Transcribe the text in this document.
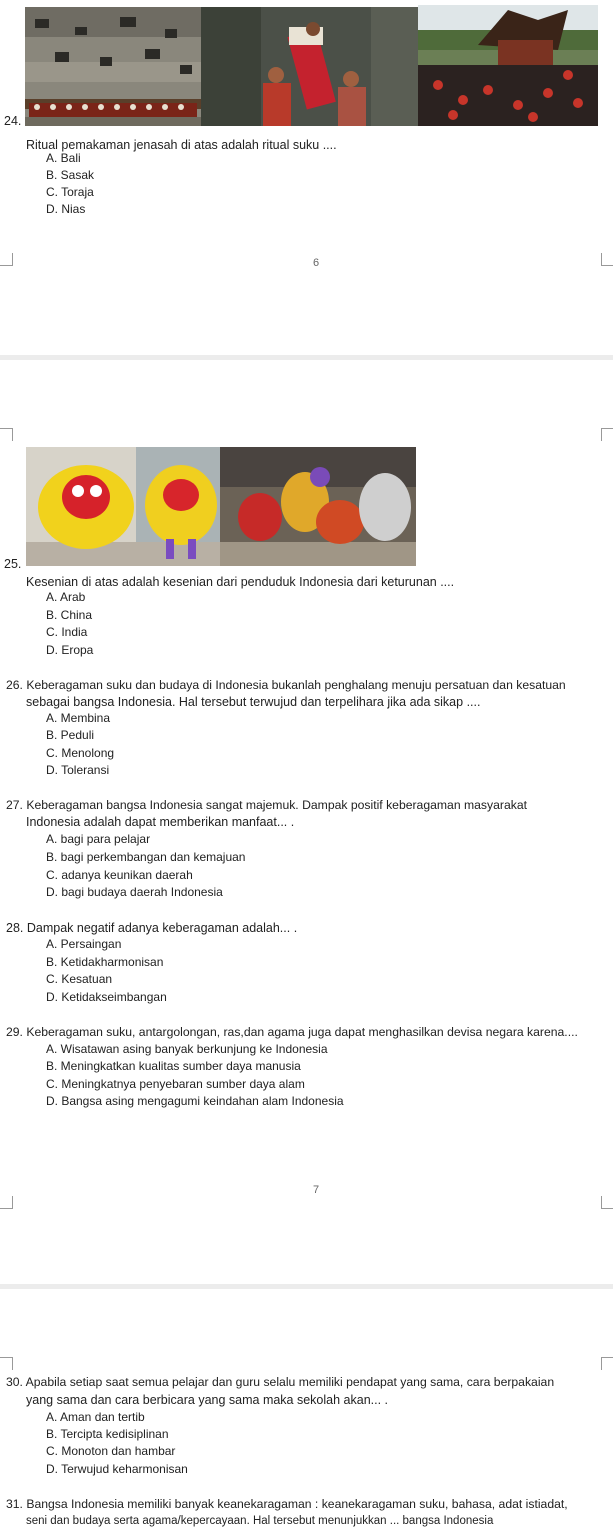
24.
Ritual pemakaman jenasah di atas adalah ritual suku ....
A. Bali
B. Sasak
C. Toraja
D. Nias
6
25.
Kesenian di atas adalah kesenian dari penduduk Indonesia dari keturunan ....
A. Arab
B. China
C. India
D. Eropa
26. Keberagaman suku dan budaya di Indonesia bukanlah penghalang menuju persatuan dan kesatuan
sebagai bangsa Indonesia. Hal tersebut terwujud dan terpelihara jika ada sikap ....
A. Membina
B. Peduli
C. Menolong
D. Toleransi
27. Keberagaman bangsa Indonesia sangat majemuk. Dampak positif keberagaman masyarakat
Indonesia adalah dapat memberikan manfaat... .
A. bagi para pelajar
B. bagi perkembangan dan kemajuan
C. adanya keunikan daerah
D. bagi budaya daerah Indonesia
28. Dampak negatif adanya keberagaman adalah... .
A. Persaingan
B. Ketidakharmonisan
C. Kesatuan
D. Ketidakseimbangan
29. Keberagaman suku, antargolongan, ras,dan agama juga dapat menghasilkan devisa negara karena....
A. Wisatawan asing banyak berkunjung ke Indonesia
B. Meningkatkan kualitas sumber daya manusia
C. Meningkatnya penyebaran sumber daya alam
D. Bangsa asing mengagumi keindahan alam Indonesia
7
30. Apabila setiap saat semua pelajar dan guru selalu memiliki pendapat yang sama, cara berpakaian
yang sama dan cara berbicara yang sama maka sekolah akan... .
A. Aman dan tertib
B. Tercipta kedisiplinan
C. Monoton dan hambar
D. Terwujud keharmonisan
31. Bangsa Indonesia memiliki banyak keanekaragaman : keanekaragaman suku, bahasa, adat istiadat,
seni dan budaya serta agama/kepercayaan. Hal tersebut menunjukkan ... bangsa Indonesia
